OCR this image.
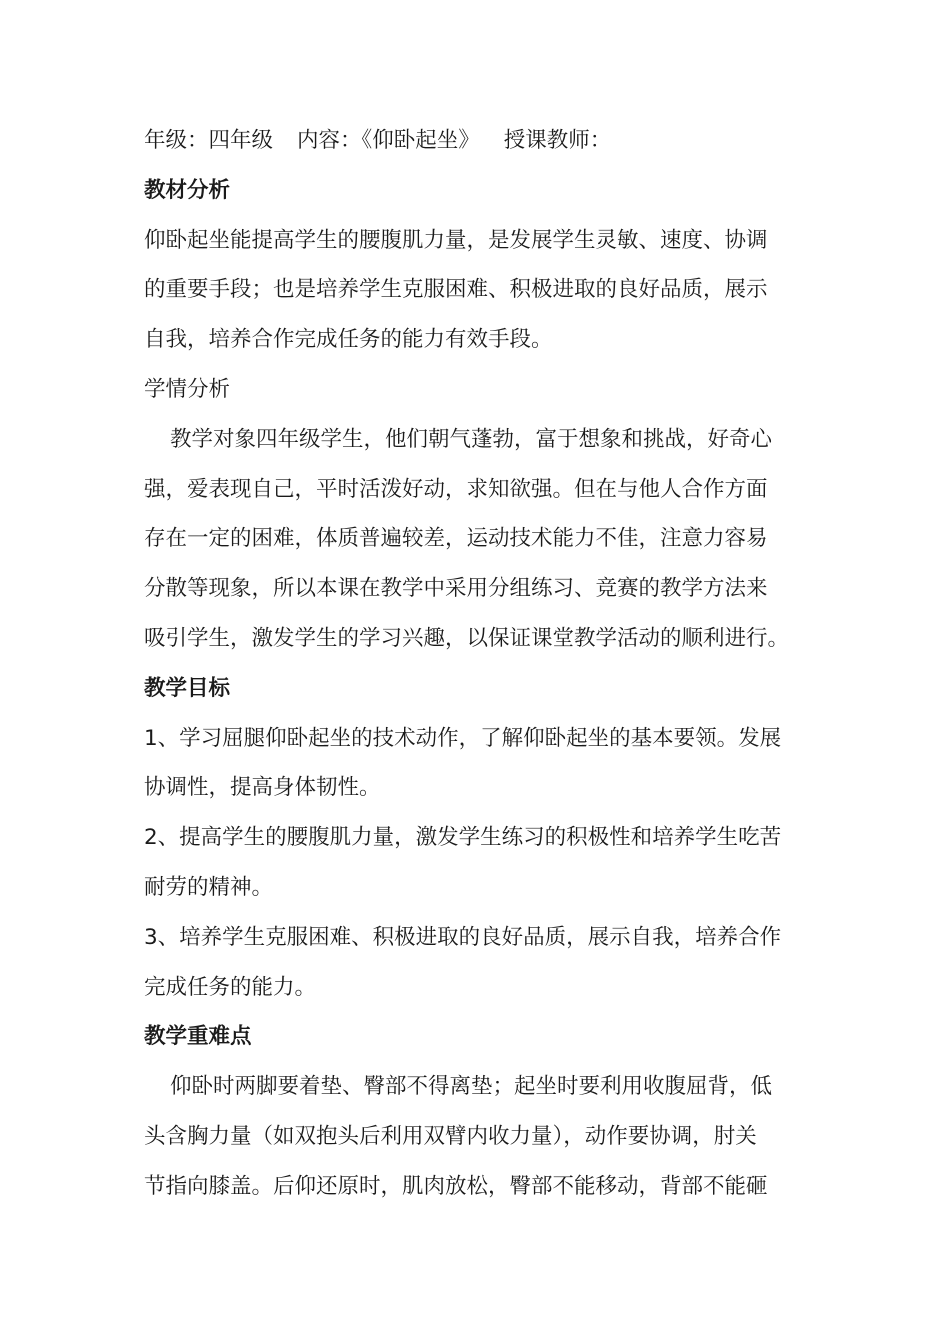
年级：四年级 内容：《仰卧起坐》 授课教师：
教材分析
仰卧起坐能提高学生的腰腹肌力量，是发展学生灵敏、速度、协调
的重要手段；也是培养学生克服困难、积极进取的良好品质，展示
自我，培养合作完成任务的能力有效手段。
学情分析
教学对象四年级学生，他们朝气蓬勃，富于想象和挑战，好奇心
强，爱表现自己，平时活泼好动，求知欲强。但在与他人合作方面
存在一定的困难，体质普遍较差，运动技术能力不佳，注意力容易
分散等现象，所以本课在教学中采用分组练习、竞赛的教学方法来
吸引学生，激发学生的学习兴趣，以保证课堂教学活动的顺利进行。
教学目标
1、学习屈腿仰卧起坐的技术动作，了解仰卧起坐的基本要领。发展
协调性，提高身体韧性。
2、提高学生的腰腹肌力量，激发学生练习的积极性和培养学生吃苦
耐劳的精神。
3、培养学生克服困难、积极进取的良好品质，展示自我，培养合作
完成任务的能力。
教学重难点
仰卧时两脚要着垫、臀部不得离垫；起坐时要利用收腹屈背，低
头含胸力量（如双抱头后利用双臂内收力量），动作要协调，肘关
节指向膝盖。后仰还原时，肌肉放松，臀部不能移动，背部不能砸
